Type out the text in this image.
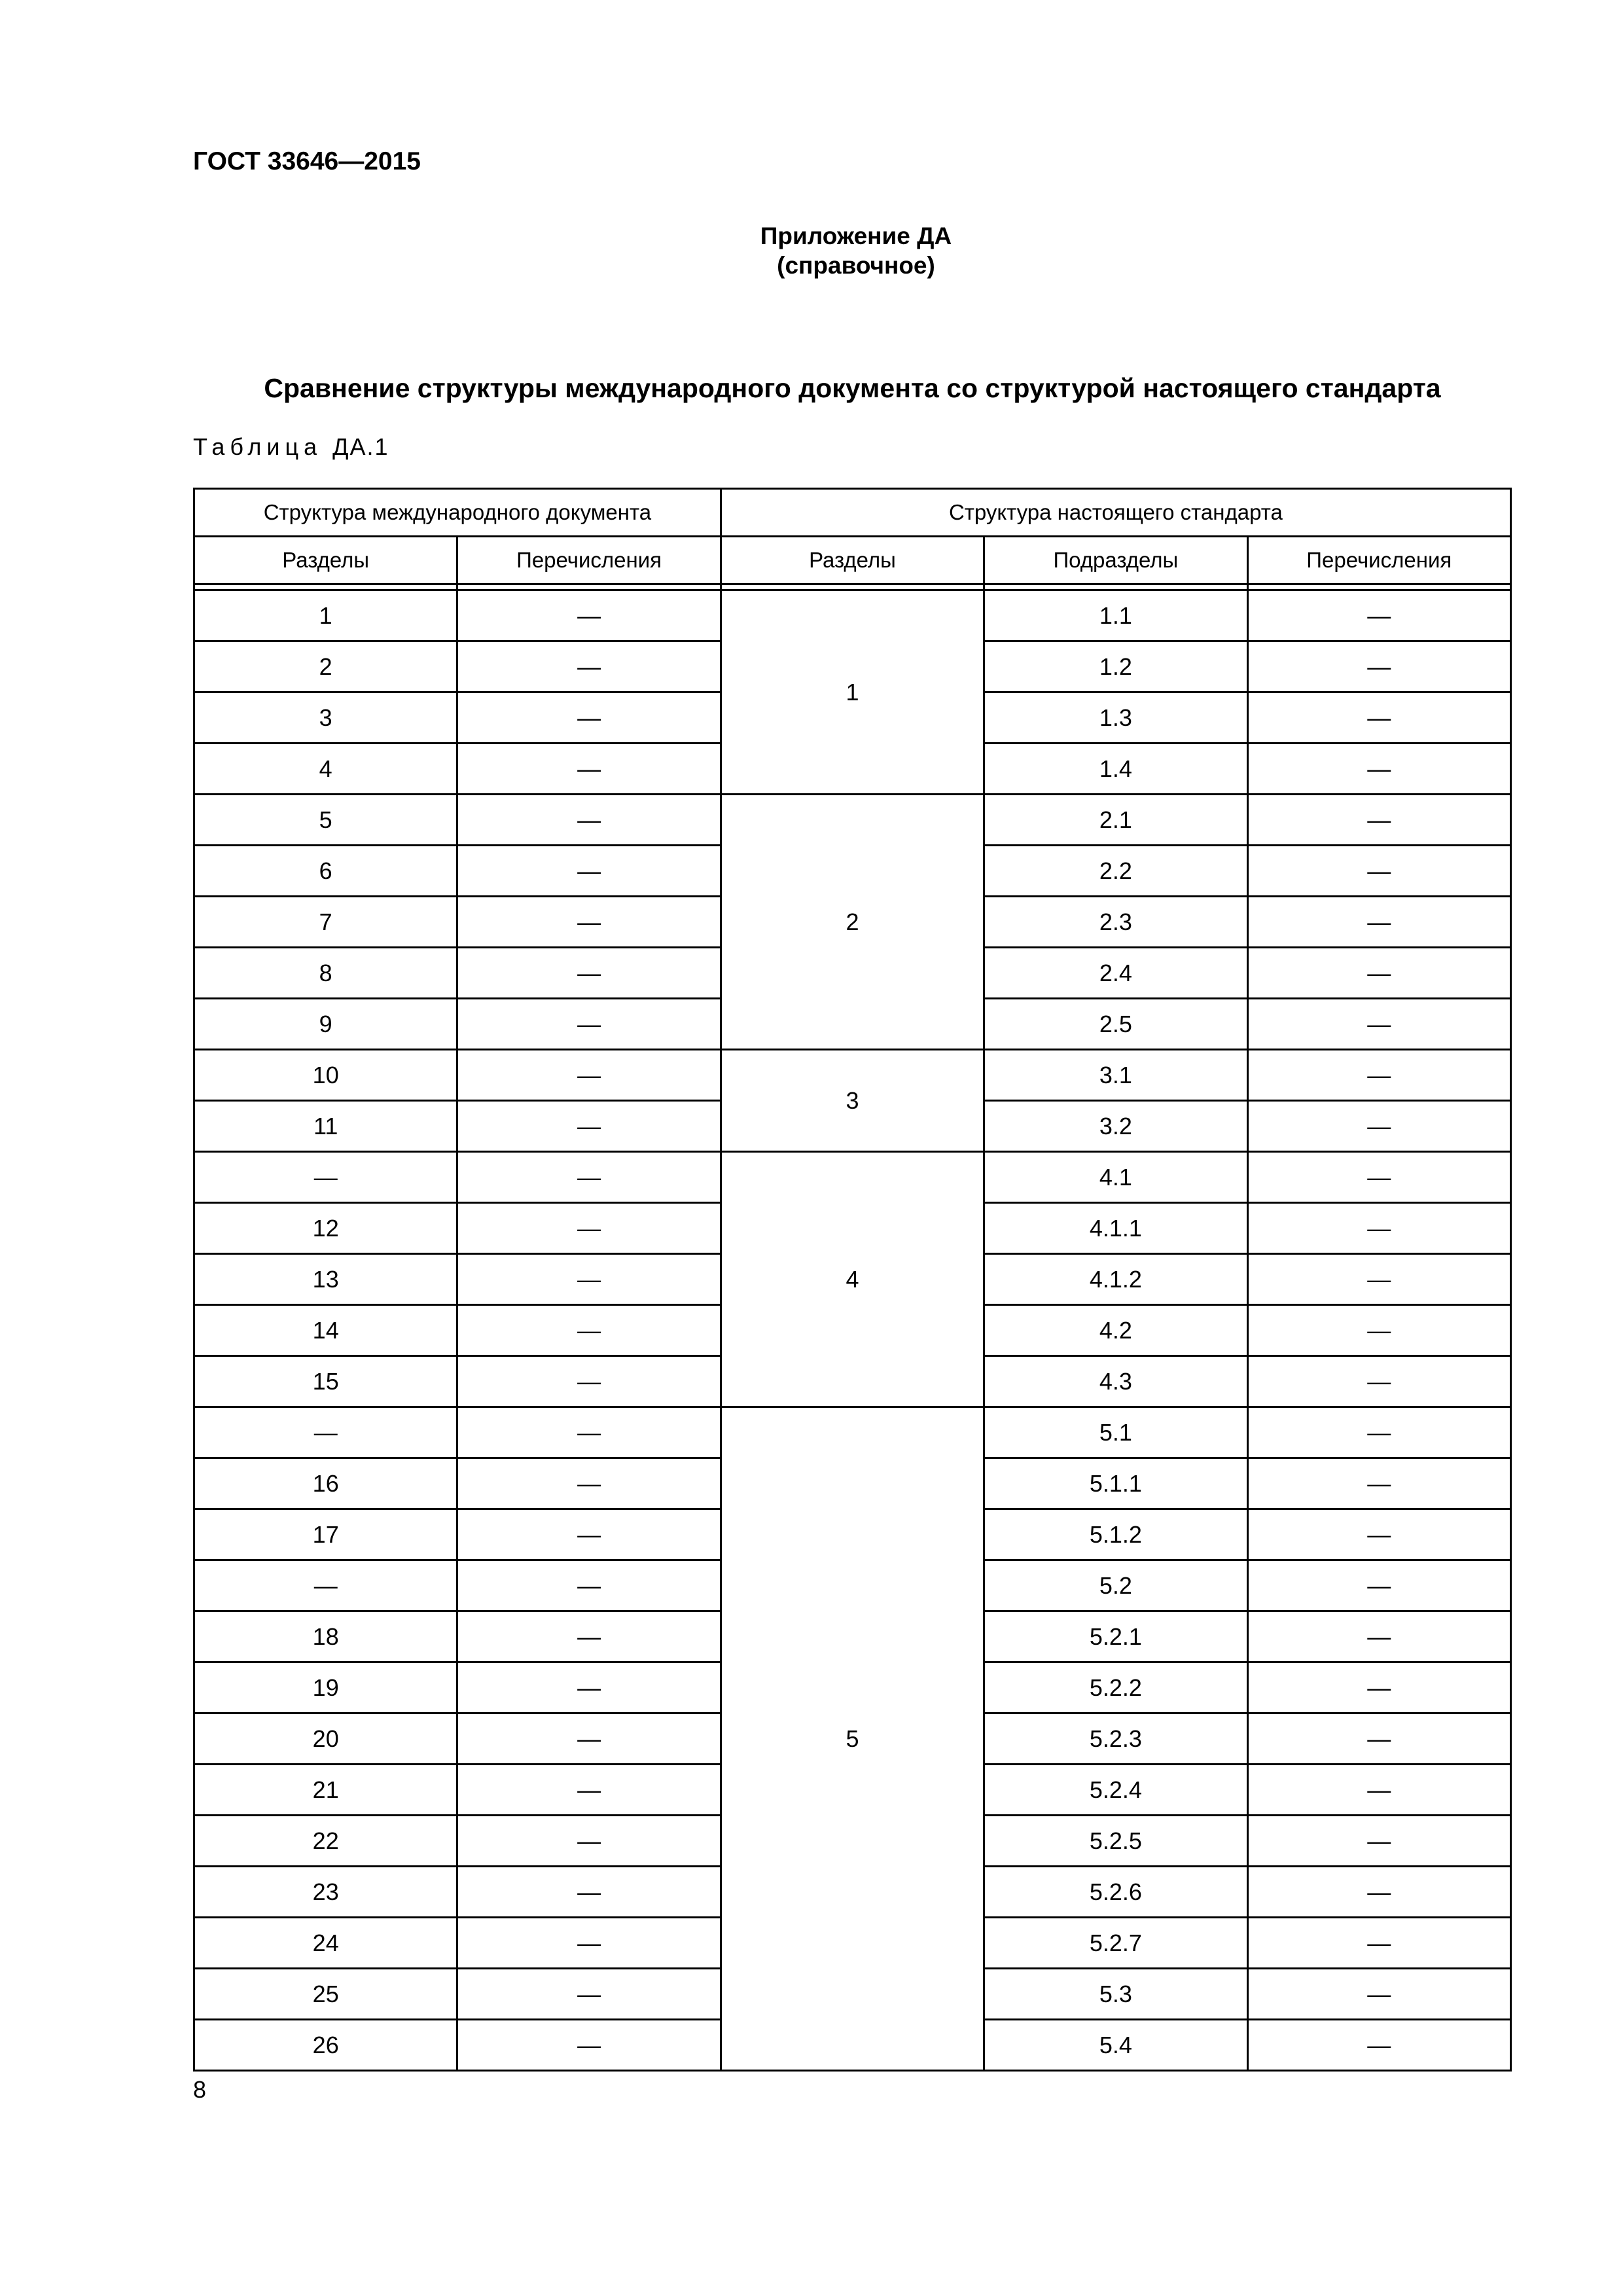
ГОСТ 33646—2015
Приложение ДА
(справочное)
Сравнение структуры международного документа со структурой настоящего стандарта
Таблица ДА.1
Структура международного документа		Структура настоящего стандарта		
Разделы	Перечисления	Разделы	Подразделы	Перечисления

1	—	1	1.1	—
2	—		1.2	—
3	—		1.3	—
4	—		1.4	—
5	—	2	2.1	—
6	—		2.2	—
7	—		2.3	—
8	—		2.4	—
9	—		2.5	—
10	—	3	3.1	—
11	—		3.2	—
—	—	4	4.1	—
12	—		4.1.1	—
13	—		4.1.2	—
14	—		4.2	—
15	—		4.3	—
—	—	5	5.1	—
16	—		5.1.1	—
17	—		5.1.2	—
—	—		5.2	—
18	—		5.2.1	—
19	—		5.2.2	—
20	—		5.2.3	—
21	—		5.2.4	—
22	—		5.2.5	—
23	—		5.2.6	—
24	—		5.2.7	—
25	—		5.3	—
26	—		5.4	—
8
